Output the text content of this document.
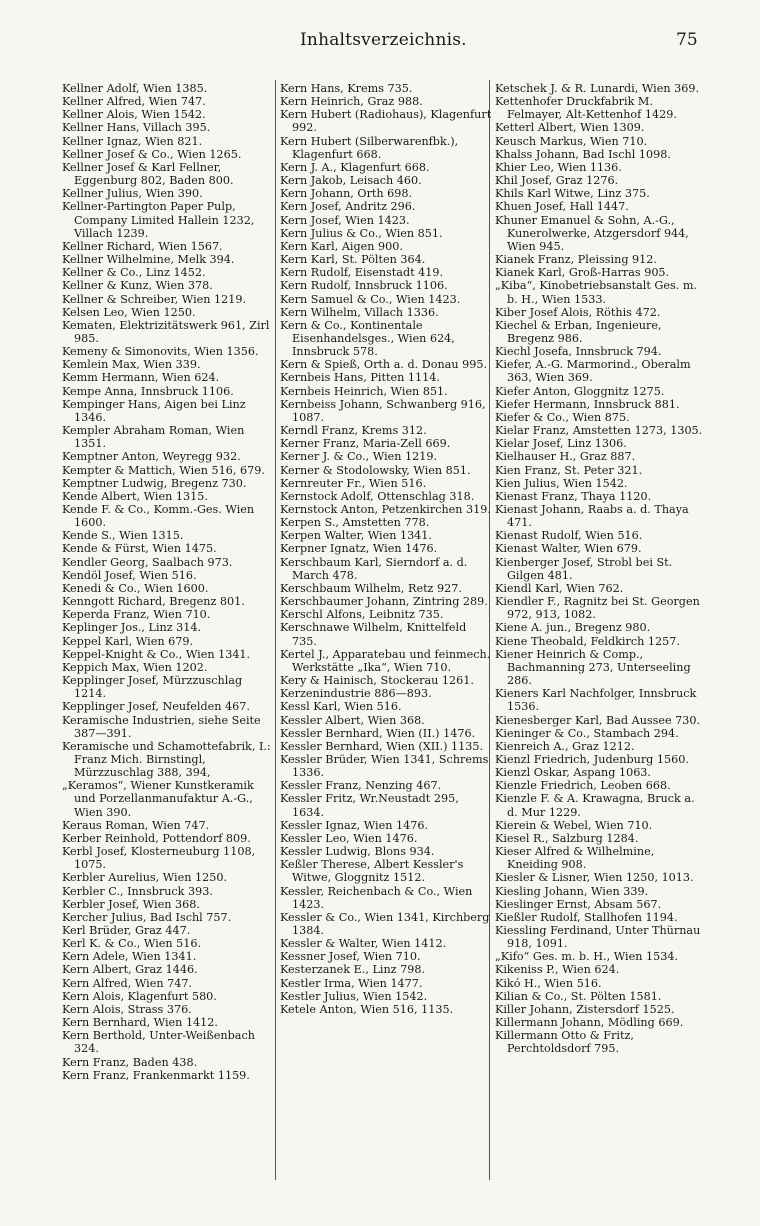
Inhaltsverzeichnis.	75

Kellner Adolf, Wien 1385.

Kellner Alfred, Wien 747.

Kellner Alois, Wien 1542.

Kellner Hans, Villach 395.

Kellner Ignaz, Wien 821.

Kellner Josef & Co., Wien 1265.

Kellner Josef & Karl Fellner, Eggenburg 802, Baden 800.

Kellner Julius, Wien 390.

Kellner-Partington Paper Pulp, Company Limited Hallein 1232, Villach 1239.

Kellner Richard, Wien 1567.

Kellner Wilhelmine, Melk 394.

Kellner & Co., Linz 1452.

Kellner & Kunz, Wien 378.

Kellner & Schreiber, Wien 1219.

Kelsen Leo, Wien 1250.

Kematen, Elektrizitätswerk 961, Zirl 985.

Kemeny & Simonovits, Wien 1356.

Kemlein Max, Wien 339.

Kemm Hermann, Wien 624.

Kempe Anna, Innsbruck 1106.

Kempinger Hans, Aigen bei Linz 1346.

Kempler Abraham Roman, Wien 1351.

Kemptner Anton, Weyregg 932.

Kempter & Mattich, Wien 516, 679.

Kemptner Ludwig, Bregenz 730.

Kende Albert, Wien 1315.

Kende F. & Co., Komm.-Ges. Wien 1600.

Kende S., Wien 1315.

Kende & Fürst, Wien 1475.

Kendler Georg, Saalbach 973.

Kendöl Josef, Wien 516.

Kenedi & Co., Wien 1600.

Kenngott Richard, Bregenz 801.

Keperda Franz, Wien 710.

Keplinger Jos., Linz 314.

Keppel Karl, Wien 679.

Keppel-Knight & Co., Wien 1341.

Keppich Max, Wien 1202.

Kepplinger Josef, Mürzzuschlag 1214.

Kepplinger Josef, Neufelden 467.

Keramische Industrien, siehe Seite 387—391.

Keramische und Schamottefabrik, I.: Franz Mich. Birnstingl, Mürzzuschlag 388, 394,

„Keramos“, Wiener Kunstkeramik und Porzellanmanufaktur A.-G., Wien 390.

Keraus Roman, Wien 747.

Kerber Reinhold, Pottendorf 809.

Kerbl Josef, Klosterneuburg 1108, 1075.

Kerbler Aurelius, Wien 1250.

Kerbler C., Innsbruck 393.

Kerbler Josef, Wien 368.

Kercher Julius, Bad Ischl 757.

Kerl Brüder, Graz 447.

Kerl K. & Co., Wien 516.

Kern Adele, Wien 1341.

Kern Albert, Graz 1446.

Kern Alfred, Wien 747.

Kern Alois, Klagenfurt 580.

Kern Alois, Strass 376.

Kern Bernhard, Wien 1412.

Kern Berthold, Unter-Weißenbach 324.

Kern Franz, Baden 438.

Kern Franz, Frankenmarkt 1159.

Kern Hans, Krems 735.

Kern Heinrich, Graz 988.

Kern Hubert (Radiohaus), Klagenfurt 992.

Kern Hubert (Silberwarenfbk.), Klagenfurt 668.

Kern J. A., Klagenfurt 668.

Kern Jakob, Leisach 460.

Kern Johann, Orth 698.

Kern Josef, Andritz 296.

Kern Josef, Wien 1423.

Kern Julius & Co., Wien 851.

Kern Karl, Aigen 900.

Kern Karl, St. Pölten 364.

Kern Rudolf, Eisenstadt 419.

Kern Rudolf, Innsbruck 1106.

Kern Samuel & Co., Wien 1423.

Kern Wilhelm, Villach 1336.

Kern & Co., Kontinentale Eisenhandelsges., Wien 624, Innsbruck 578.

Kern & Spieß, Orth a. d. Donau 995.

Kernbeis Hans, Pitten 1114.

Kernbeis Heinrich, Wien 851.

Kernbeiss Johann, Schwanberg 916, 1087.

Kerndl Franz, Krems 312.

Kerner Franz, Maria-Zell 669.

Kerner J. & Co., Wien 1219.

Kerner & Stodolowsky, Wien 851.

Kernreuter Fr., Wien 516.

Kernstock Adolf, Ottenschlag 318.

Kernstock Anton, Petzenkirchen 319.

Kerpen S., Amstetten 778.

Kerpen Walter, Wien 1341.

Kerpner Ignatz, Wien 1476.

Kerschbaum Karl, Sierndorf a. d. March 478.

Kerschbaum Wilhelm, Retz 927.

Kerschbaumer Johann, Zintring 289.

Kerschl Alfons, Leibnitz 735.

Kerschnawe Wilhelm, Knittelfeld 735.

Kertel J., Apparatebau und feinmech. Werkstätte „Ika“, Wien 710.

Kery & Hainisch, Stockerau 1261.

Kerzenindustrie 886—893.

Kessl Karl, Wien 516.

Kessler Albert, Wien 368.

Kessler Bernhard, Wien (II.) 1476.

Kessler Bernhard, Wien (XII.) 1135.

Kessler Brüder, Wien 1341, Schrems 1336.

Kessler Franz, Nenzing 467.

Kessler Fritz, Wr.Neustadt 295, 1634.

Kessler Ignaz, Wien 1476.

Kessler Leo, Wien 1476.

Kessler Ludwig, Blons 934.

Keßler Therese, Albert Kessler's Witwe, Gloggnitz 1512.

Kessler, Reichenbach & Co., Wien 1423.

Kessler & Co., Wien 1341, Kirchberg 1384.

Kessler & Walter, Wien 1412.

Kessner Josef, Wien 710.

Kesterzanek E., Linz 798.

Kestler Irma, Wien 1477.

Kestler Julius, Wien 1542.

Ketele Anton, Wien 516, 1135.

Ketschek J. & R. Lunardi, Wien 369.

Kettenhofer Druckfabrik M. Felmayer, Alt-Kettenhof 1429.

Ketterl Albert, Wien 1309.

Keusch Markus, Wien 710.

Khalss Johann, Bad Ischl 1098.

Khier Leo, Wien 1136.

Khil Josef, Graz 1276.

Khils Karl Witwe, Linz 375.

Khuen Josef, Hall 1447.

Khuner Emanuel & Sohn, A.-G., Kunerolwerke, Atzgersdorf 944, Wien 945.

Kianek Franz, Pleissing 912.

Kianek Karl, Groß-Harras 905.

„Kiba“, Kinobetriebsanstalt Ges. m. b. H., Wien 1533.

Kiber Josef Alois, Röthis 472.

Kiechel & Erban, Ingenieure, Bregenz 986.

Kiechl Josefa, Innsbruck 794.

Kiefer, A.-G. Marmorind., Oberalm 363, Wien 369.

Kiefer Anton, Gloggnitz 1275.

Kiefer Hermann, Innsbruck 881.

Kiefer & Co., Wien 875.

Kielar Franz, Amstetten 1273, 1305.

Kielar Josef, Linz 1306.

Kielhauser H., Graz 887.

Kien Franz, St. Peter 321.

Kien Julius, Wien 1542.

Kienast Franz, Thaya 1120.

Kienast Johann, Raabs a. d. Thaya 471.

Kienast Rudolf, Wien 516.

Kienast Walter, Wien 679.

Kienberger Josef, Strobl bei St. Gilgen 481.

Kiendl Karl, Wien 762.

Kiendler F., Ragnitz bei St. Georgen 972, 913, 1082.

Kiene A. jun., Bregenz 980.

Kiene Theobald, Feldkirch 1257.

Kiener Heinrich & Comp., Bachmanning 273, Unterseeling 286.

Kieners Karl Nachfolger, Innsbruck 1536.

Kienesberger Karl, Bad Aussee 730.

Kieninger & Co., Stambach 294.

Kienreich A., Graz 1212.

Kienzl Friedrich, Judenburg 1560.

Kienzl Oskar, Aspang 1063.

Kienzle Friedrich, Leoben 668.

Kienzle F. & A. Krawagna, Bruck a. d. Mur 1229.

Kierein & Webel, Wien 710.

Kiesel R., Salzburg 1284.

Kieser Alfred & Wilhelmine, Kneiding 908.

Kiesler & Lisner, Wien 1250, 1013.

Kiesling Johann, Wien 339.

Kieslinger Ernst, Absam 567.

Kießler Rudolf, Stallhofen 1194.

Kiessling Ferdinand, Unter Thürnau 918, 1091.

„Kifo“ Ges. m. b. H., Wien 1534.

Kikeniss P., Wien 624.

Kikó H., Wien 516.

Kilian & Co., St. Pölten 1581.

Killer Johann, Zistersdorf 1525.

Killermann Johann, Mödling 669.

Killermann Otto & Fritz, Perchtoldsdorf 795.
